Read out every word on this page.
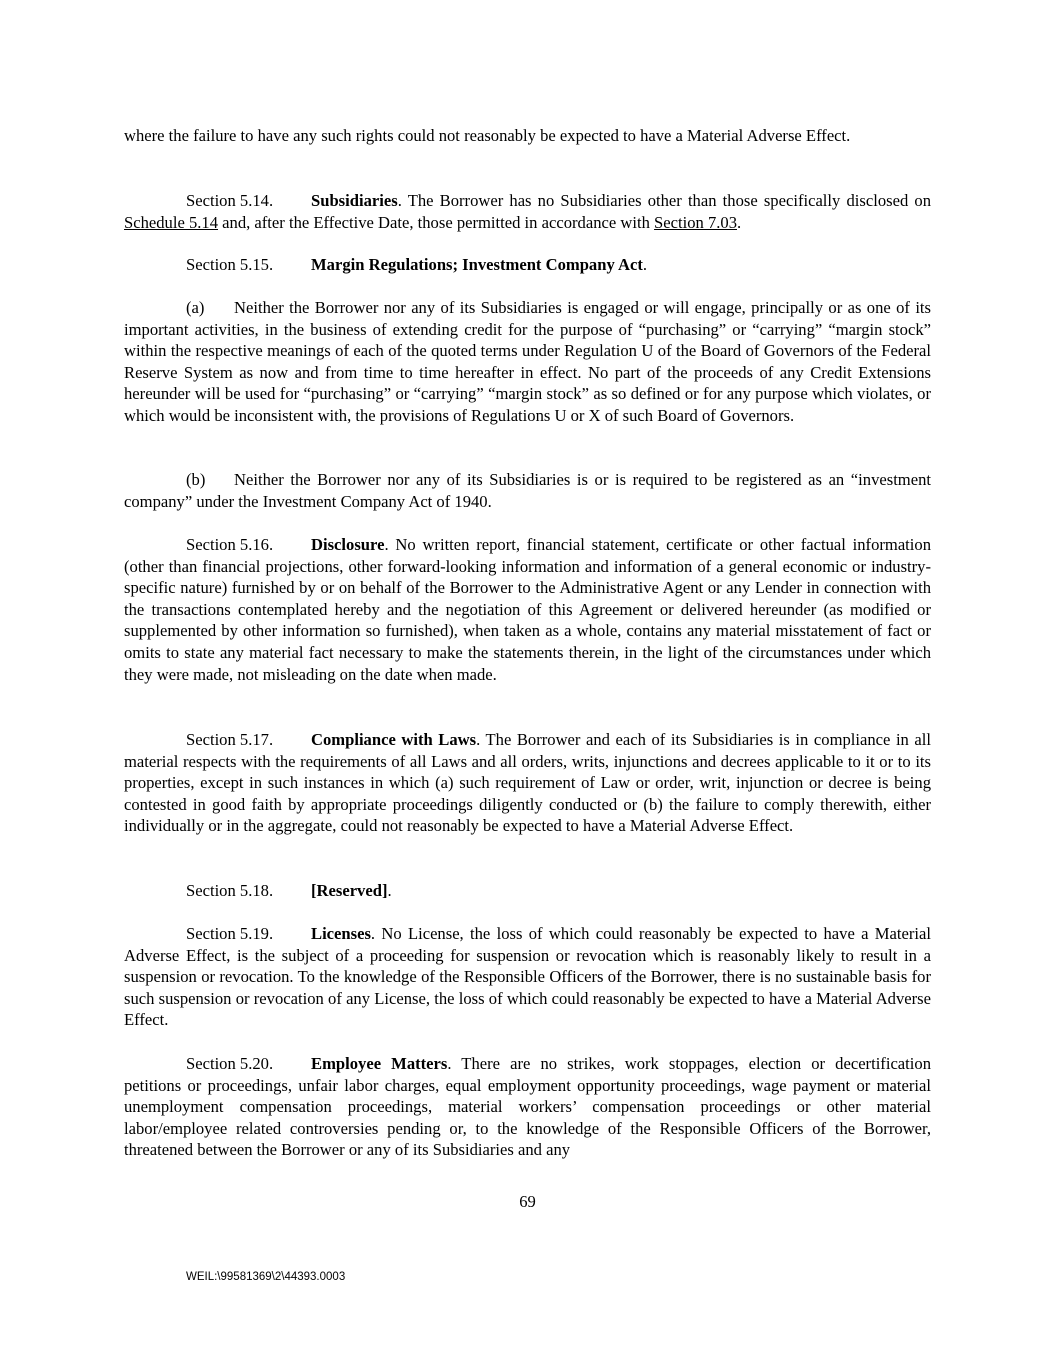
where the failure to have any such rights could not reasonably be expected to have a Material Adverse Effect.

Section 5.14. Subsidiaries. The Borrower has no Subsidiaries other than those specifically disclosed on Schedule 5.14 and, after the Effective Date, those permitted in accordance with Section 7.03.

Section 5.15. Margin Regulations; Investment Company Act.

(a) Neither the Borrower nor any of its Subsidiaries is engaged or will engage, principally or as one of its important activities, in the business of extending credit for the purpose of “purchasing” or “carrying” “margin stock” within the respective meanings of each of the quoted terms under Regulation U of the Board of Governors of the Federal Reserve System as now and from time to time hereafter in effect. No part of the proceeds of any Credit Extensions hereunder will be used for “purchasing” or “carrying” “margin stock” as so defined or for any purpose which violates, or which would be inconsistent with, the provisions of Regulations U or X of such Board of Governors.

(b) Neither the Borrower nor any of its Subsidiaries is or is required to be registered as an “investment company” under the Investment Company Act of 1940.

Section 5.16. Disclosure. No written report, financial statement, certificate or other factual information (other than financial projections, other forward-looking information and information of a general economic or industry-specific nature) furnished by or on behalf of the Borrower to the Administrative Agent or any Lender in connection with the transactions contemplated hereby and the negotiation of this Agreement or delivered hereunder (as modified or supplemented by other information so furnished), when taken as a whole, contains any material misstatement of fact or omits to state any material fact necessary to make the statements therein, in the light of the circumstances under which they were made, not misleading on the date when made.

Section 5.17. Compliance with Laws. The Borrower and each of its Subsidiaries is in compliance in all material respects with the requirements of all Laws and all orders, writs, injunctions and decrees applicable to it or to its properties, except in such instances in which (a) such requirement of Law or order, writ, injunction or decree is being contested in good faith by appropriate proceedings diligently conducted or (b) the failure to comply therewith, either individually or in the aggregate, could not reasonably be expected to have a Material Adverse Effect.

Section 5.18. [Reserved].

Section 5.19. Licenses. No License, the loss of which could reasonably be expected to have a Material Adverse Effect, is the subject of a proceeding for suspension or revocation which is reasonably likely to result in a suspension or revocation. To the knowledge of the Responsible Officers of the Borrower, there is no sustainable basis for such suspension or revocation of any License, the loss of which could reasonably be expected to have a Material Adverse Effect.

Section 5.20. Employee Matters. There are no strikes, work stoppages, election or decertification petitions or proceedings, unfair labor charges, equal employment opportunity proceedings, wage payment or material unemployment compensation proceedings, material workers’ compensation proceedings or other material labor/employee related controversies pending or, to the knowledge of the Responsible Officers of the Borrower, threatened between the Borrower or any of its Subsidiaries and any

69
WEIL:\99581369\2\44393.0003
